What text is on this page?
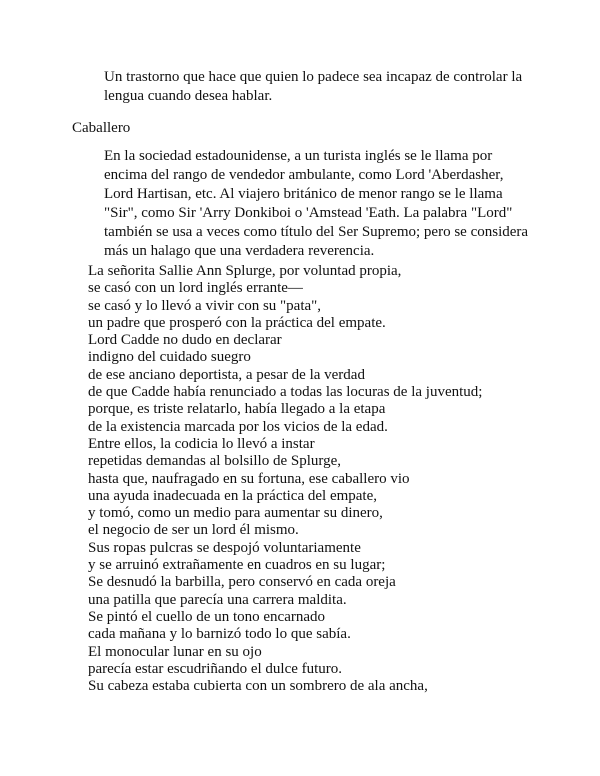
Un trastorno que hace que quien lo padece sea incapaz de controlar la

lengua cuando desea hablar.

Caballero

En la sociedad estadounidense, a un turista inglés se le llama por

encima del rango de vendedor ambulante, como Lord 'Aberdasher,

Lord Hartisan, etc. Al viajero británico de menor rango se le llama

"Sir", como Sir 'Arry Donkiboi o 'Amstead 'Eath. La palabra "Lord"

también se usa a veces como título del Ser Supremo; pero se considera

más un halago que una verdadera reverencia.

La señorita Sallie Ann Splurge, por voluntad propia,
se casó con un lord inglés errante—
se casó y lo llevó a vivir con su "pata",
un padre que prosperó con la práctica del empate.
Lord Cadde no dudo en declarar
indigno del cuidado suegro
de ese anciano deportista, a pesar de la verdad
de que Cadde había renunciado a todas las locuras de la juventud;
porque, es triste relatarlo, había llegado a la etapa
de la existencia marcada por los vicios de la edad.
Entre ellos, la codicia lo llevó a instar
repetidas demandas al bolsillo de Splurge,
hasta que, naufragado en su fortuna, ese caballero vio
una ayuda inadecuada en la práctica del empate,
y tomó, como un medio para aumentar su dinero,
el negocio de ser un lord él mismo.
Sus ropas pulcras se despojó voluntariamente
y se arruinó extrañamente en cuadros en su lugar;
Se desnudó la barbilla, pero conservó en cada oreja
una patilla que parecía una carrera maldita.
Se pintó el cuello de un tono encarnado
cada mañana y lo barnizó todo lo que sabía.
El monocular lunar en su ojo
parecía estar escudriñando el dulce futuro.
Su cabeza estaba cubierta con un sombrero de ala ancha,
